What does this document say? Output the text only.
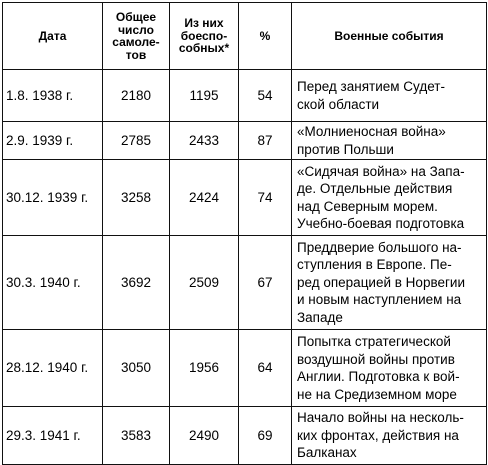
Дата	Общее
число
самоле-
тов	Из них
боеспо-
собных*	%	Военные события
1.8. 1938 г.	2180	1195	54	Перед занятием Судет-
ской области

2.9. 1939 г.	2785	2433	87	«Молниеносная война»
против Польши

30.12. 1939 г.	3258	2424	74	«Сидячая война» на Запа-
де. Отдельные действия
над Северным морем.
Учебно-боевая подготовка

30.3. 1940 г.	3692	2509	67	Преддверие большого на-
ступления в Европе. Пе-
ред операцией в Норвегии
и новым наступлением на
Западе

28.12. 1940 г.	3050	1956	64	Попытка стратегической
воздушной войны против
Англии. Подготовка к вой-
не на Средиземном море

29.3. 1941 г.	3583	2490	69	Начало войны на несколь-
ких фронтах, действия на
Балканах
